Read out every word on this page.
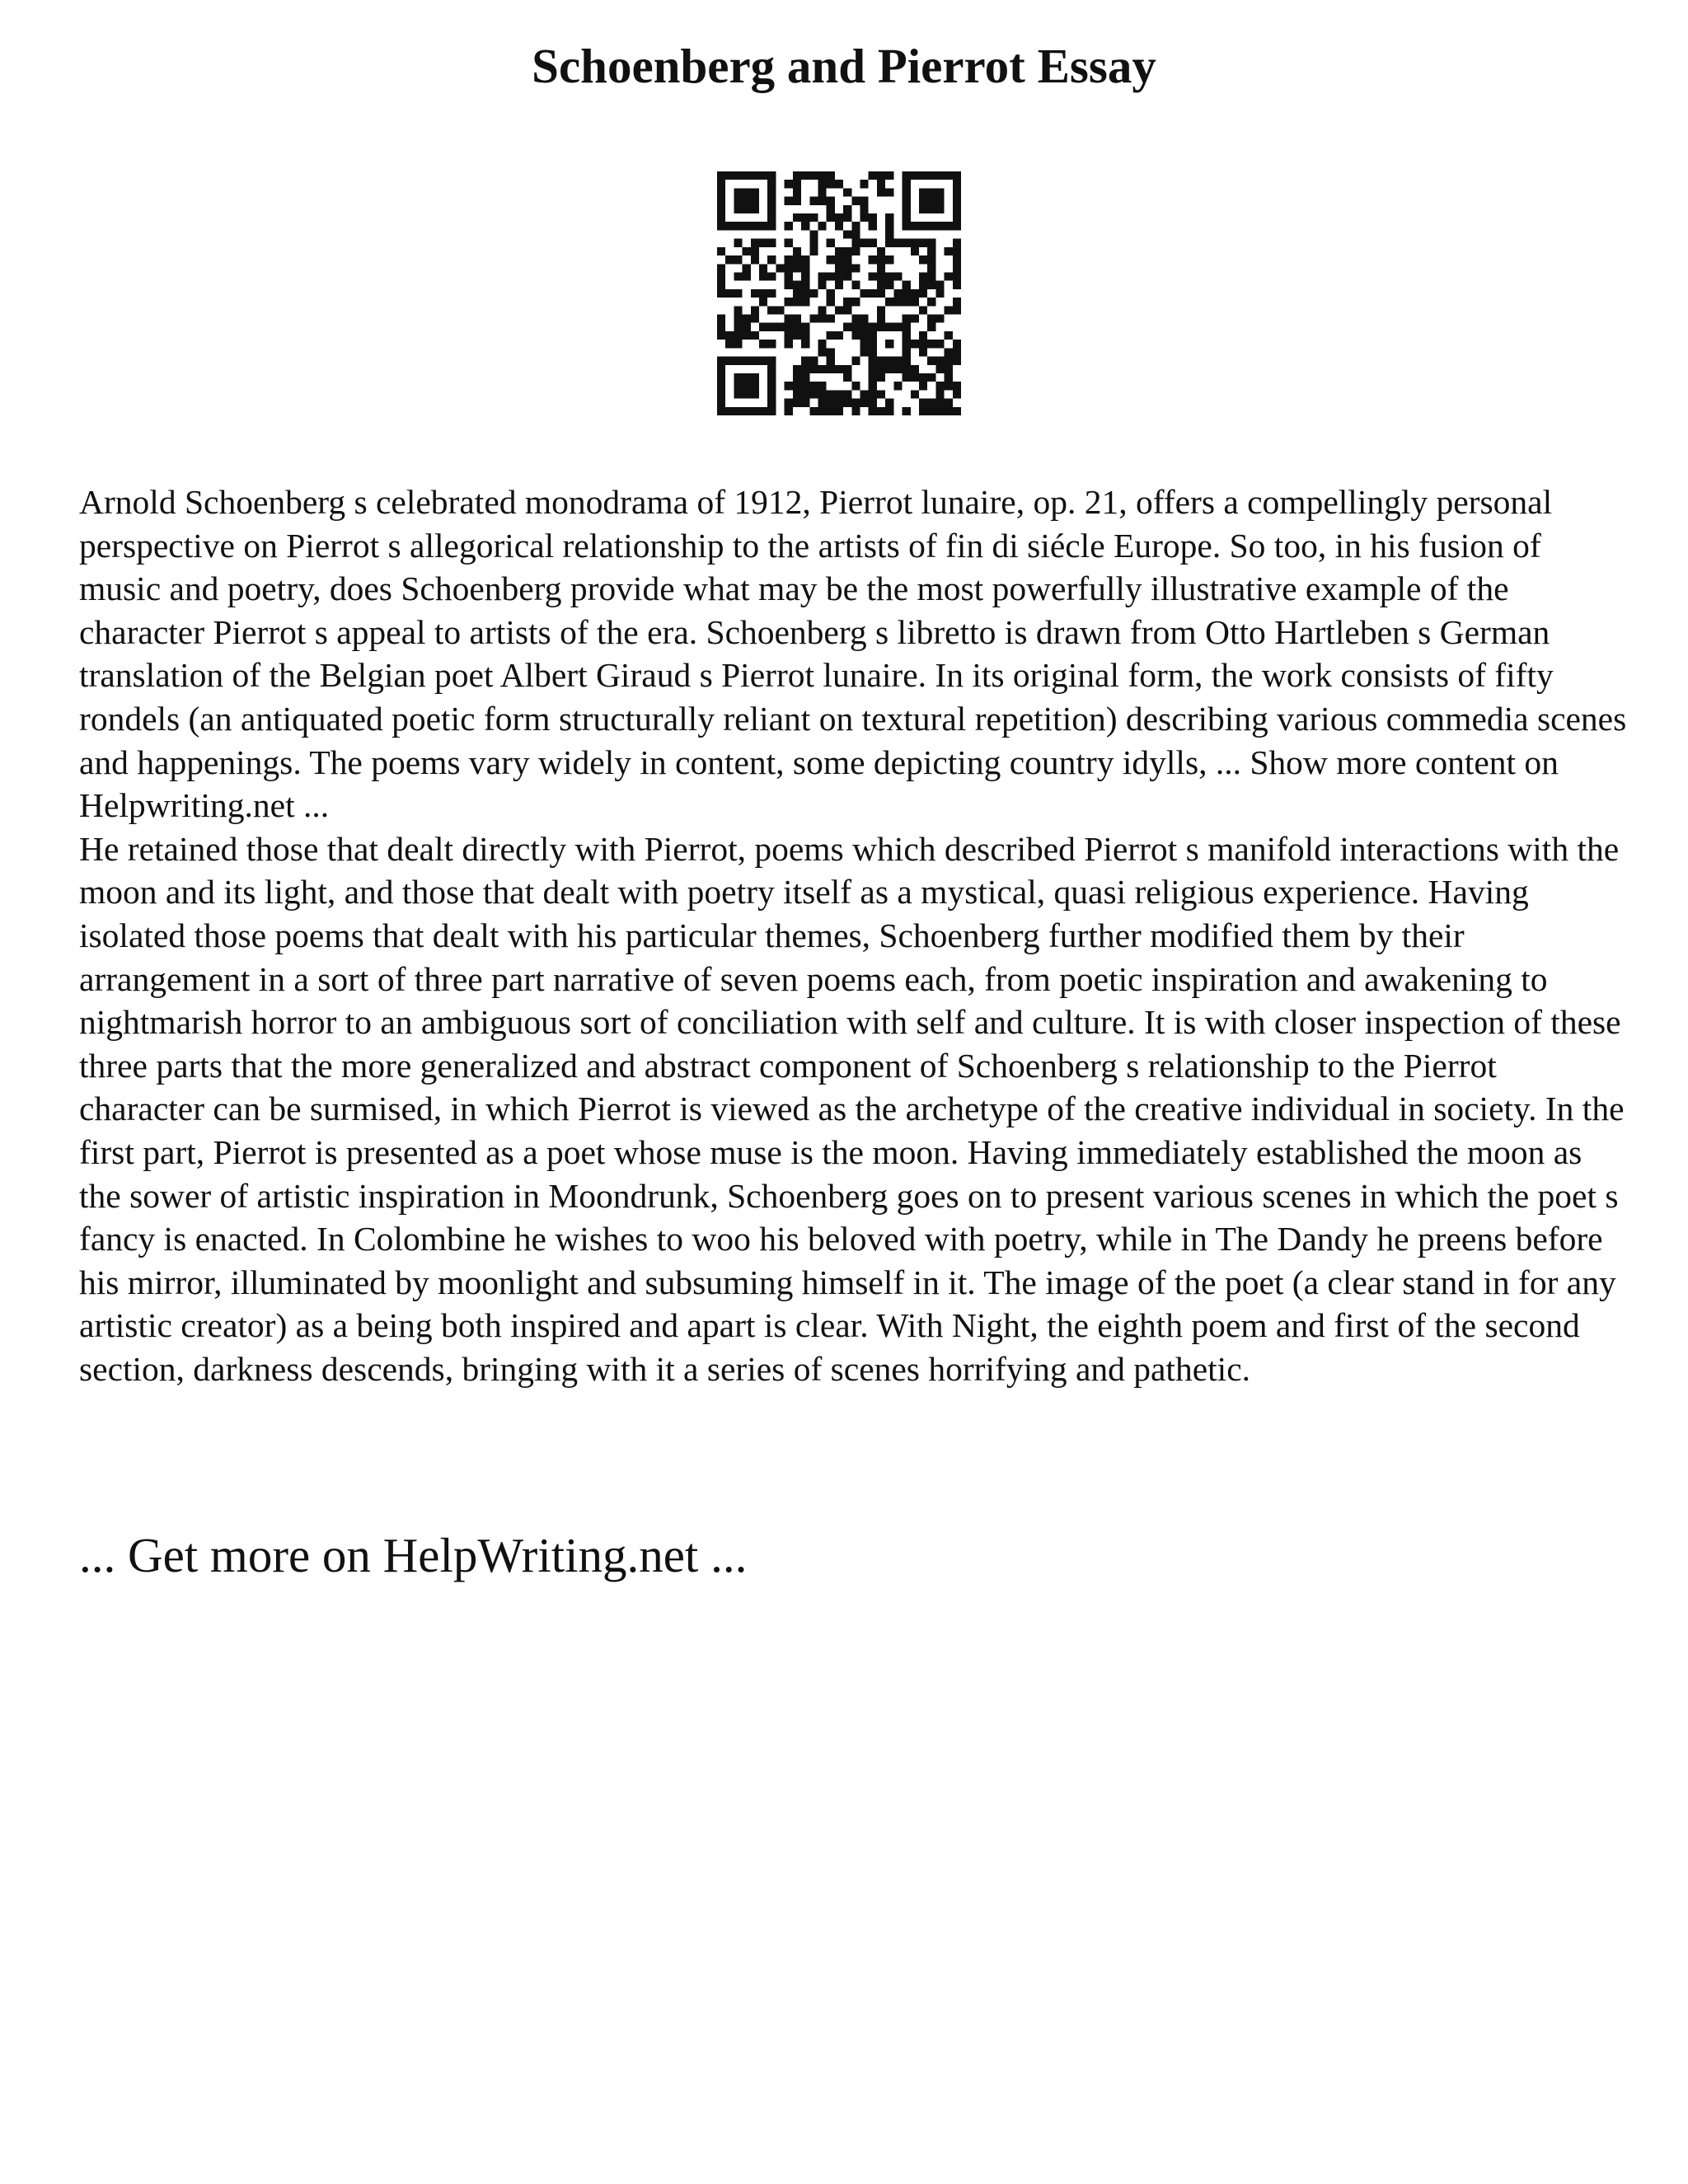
Schoenberg and Pierrot Essay

Arnold Schoenberg s celebrated monodrama of 1912, Pierrot lunaire, op. 21, offers a compellingly personal perspective on Pierrot s allegorical relationship to the artists of fin di siécle Europe. So too, in his fusion of music and poetry, does Schoenberg provide what may be the most powerfully illustrative example of the character Pierrot s appeal to artists of the era. Schoenberg s libretto is drawn from Otto Hartleben s German translation of the Belgian poet Albert Giraud s Pierrot lunaire. In its original form, the work consists of fifty rondels (an antiquated poetic form structurally reliant on textural repetition) describing various commedia scenes and happenings. The poems vary widely in content, some depicting country idylls, ... Show more content on Helpwriting.net ...

He retained those that dealt directly with Pierrot, poems which described Pierrot s manifold interactions with the moon and its light, and those that dealt with poetry itself as a mystical, quasi religious experience. Having isolated those poems that dealt with his particular themes, Schoenberg further modified them by their arrangement in a sort of three part narrative of seven poems each, from poetic inspiration and awakening to nightmarish horror to an ambiguous sort of conciliation with self and culture. It is with closer inspection of these three parts that the more generalized and abstract component of Schoenberg s relationship to the Pierrot character can be surmised, in which Pierrot is viewed as the archetype of the creative individual in society. In the first part, Pierrot is presented as a poet whose muse is the moon. Having immediately established the moon as the sower of artistic inspiration in Moondrunk, Schoenberg goes on to present various scenes in which the poet s fancy is enacted. In Colombine he wishes to woo his beloved with poetry, while in The Dandy he preens before his mirror, illuminated by moonlight and subsuming himself in it. The image of the poet (a clear stand in for any artistic creator) as a being both inspired and apart is clear. With Night, the eighth poem and first of the second section, darkness descends, bringing with it a series of scenes horrifying and pathetic.

... Get more on HelpWriting.net ...
